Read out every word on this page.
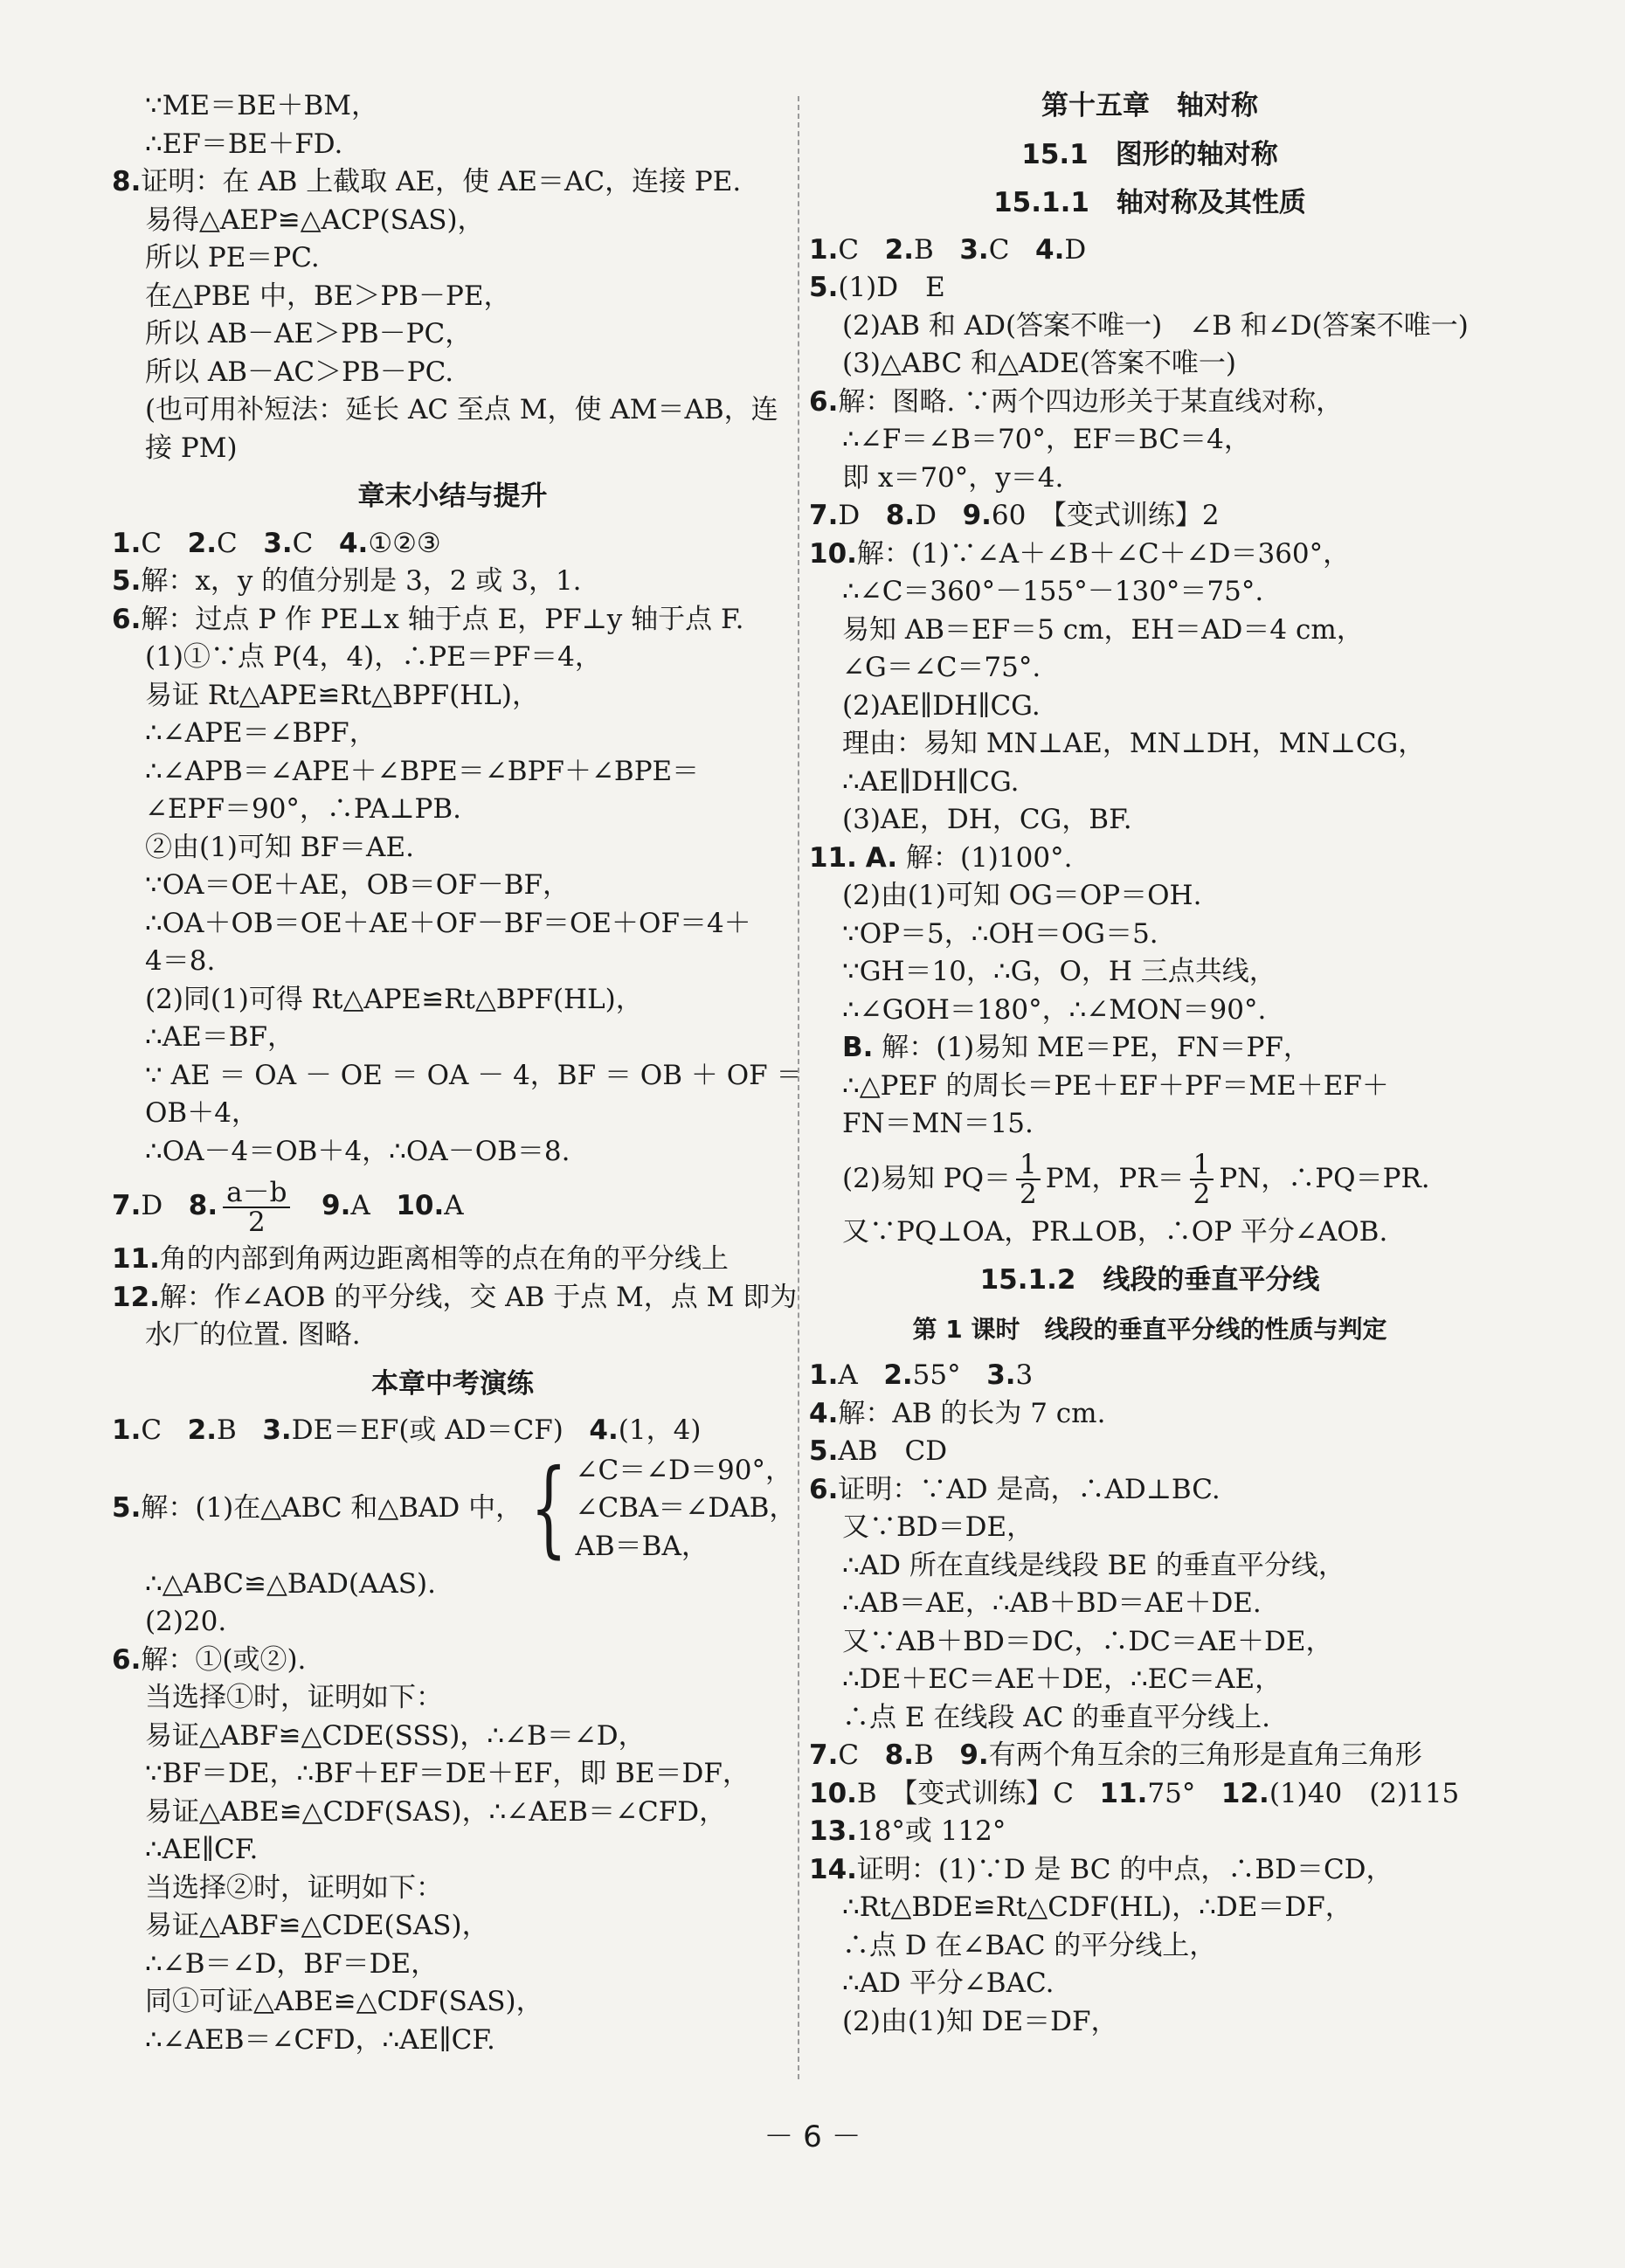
∵ME＝BE＋BM，
∴EF＝BE＋FD.
8.证明：在 AB 上截取 AE，使 AE＝AC，连接 PE.
易得△AEP≌△ACP(SAS)，
所以 PE＝PC.
在△PBE 中，BE＞PB－PE，
所以 AB－AE＞PB－PC，
所以 AB－AC＞PB－PC.
(也可用补短法：延长 AC 至点 M，使 AM＝AB，连
接 PM)
章末小结与提升
1.C 2.C 3.C 4.①②③
5.解：x，y 的值分别是 3，2 或 3，1.
6.解：过点 P 作 PE⊥x 轴于点 E，PF⊥y 轴于点 F.
(1)①∵点 P(4，4)，∴PE＝PF＝4，
易证 Rt△APE≌Rt△BPF(HL)，
∴∠APE＝∠BPF，
∴∠APB＝∠APE＋∠BPE＝∠BPF＋∠BPE＝
∠EPF＝90°，∴PA⊥PB.
②由(1)可知 BF＝AE.
∵OA＝OE＋AE，OB＝OF－BF，
∴OA＋OB＝OE＋AE＋OF－BF＝OE＋OF＝4＋
4＝8.
(2)同(1)可得 Rt△APE≌Rt△BPF(HL)，
∴AE＝BF，
∵ AE ＝ OA － OE ＝ OA － 4，BF ＝ OB ＋ OF ＝
OB＋4，
∴OA－4＝OB＋4，∴OA－OB＝8.
7.D 8. $\frac{a-b}{2} 9.A$ 10.A
11.角的内部到角两边距离相等的点在角的平分线上
12.解：作∠AOB 的平分线，交 AB 于点 M，点 M 即为
水厂的位置. 图略.
本章中考演练
1.C 2.B 3.DE＝EF(或 AD＝CF) 4.(1，4)
5.解：(1)在△ABC 和△BAD 中，{ ∠C＝∠D＝90°，
∠CBA＝∠DAB，
AB＝BA，
∴△ABC≌△BAD(AAS).
(2)20.
6.解：①(或②).
当选择①时，证明如下：
易证△ABF≌△CDE(SSS)，∴∠B＝∠D，
∵BF＝DE，∴BF＋EF＝DE＋EF，即 BE＝DF，
易证△ABE≌△CDF(SAS)，∴∠AEB＝∠CFD，
∴AE∥CF.
当选择②时，证明如下：
易证△ABF≌△CDE(SAS)，
∴∠B＝∠D，BF＝DE，
同①可证△ABE≌△CDF(SAS)，
∴∠AEB＝∠CFD，∴AE∥CF.
第十五章　轴对称
15.1　图形的轴对称
15.1.1　轴对称及其性质
1.C 2.B 3.C 4.D
5.(1)D　E
(2)AB 和 AD(答案不唯一)　∠B 和∠D(答案不唯一)
(3)△ABC 和△ADE(答案不唯一)
6.解：图略. ∵两个四边形关于某直线对称，
∴∠F＝∠B＝70°，EF＝BC＝4，
即 x＝70°，y＝4.
7.D 8.D 9.60　【变式训练】2
10.解：(1)∵∠A＋∠B＋∠C＋∠D＝360°，
∴∠C＝360°－155°－130°＝75°.
易知 AB＝EF＝5 cm，EH＝AD＝4 cm，
∠G＝∠C＝75°.
(2)AE∥DH∥CG.
理由：易知 MN⊥AE，MN⊥DH，MN⊥CG，
∴AE∥DH∥CG.
(3)AE，DH，CG，BF.
11. A. 解：(1)100°.
(2)由(1)可知 OG＝OP＝OH.
∵OP＝5，∴OH＝OG＝5.
∵GH＝10，∴G，O，H 三点共线，
∴∠GOH＝180°，∴∠MON＝90°.
B. 解：(1)易知 ME＝PE，FN＝PF，
∴△PEF 的周长＝PE＋EF＋PF＝ME＋EF＋
FN＝MN＝15.
(2)易知 $PQ= \frac{1}{2}$ PM，$PR= \frac{1}{2}$ PN，∴PQ＝PR.
又∵PQ⊥OA，PR⊥OB，∴OP 平分∠AOB.
15.1.2　线段的垂直平分线
第 1 课时　线段的垂直平分线的性质与判定
1.A 2.55° 3.3
4.解：AB 的长为 7 cm.
5.AB　CD
6.证明：∵AD 是高，∴AD⊥BC.
又∵BD＝DE，
∴AD 所在直线是线段 BE 的垂直平分线，
∴AB＝AE，∴AB＋BD＝AE＋DE.
又∵AB＋BD＝DC，∴DC＝AE＋DE，
∴DE＋EC＝AE＋DE，∴EC＝AE，
∴点 E 在线段 AC 的垂直平分线上.
7.C 8.B 9.有两个角互余的三角形是直角三角形
10.B　【变式训练】C 11.75° 12.(1)40　(2)115
13.18°或 112°
14.证明：(1)∵D 是 BC 的中点，∴BD＝CD，
∴Rt△BDE≌Rt△CDF(HL)，∴DE＝DF，
∴点 D 在∠BAC 的平分线上，
∴AD 平分∠BAC.
(2)由(1)知 DE＝DF，
－ 6 －
